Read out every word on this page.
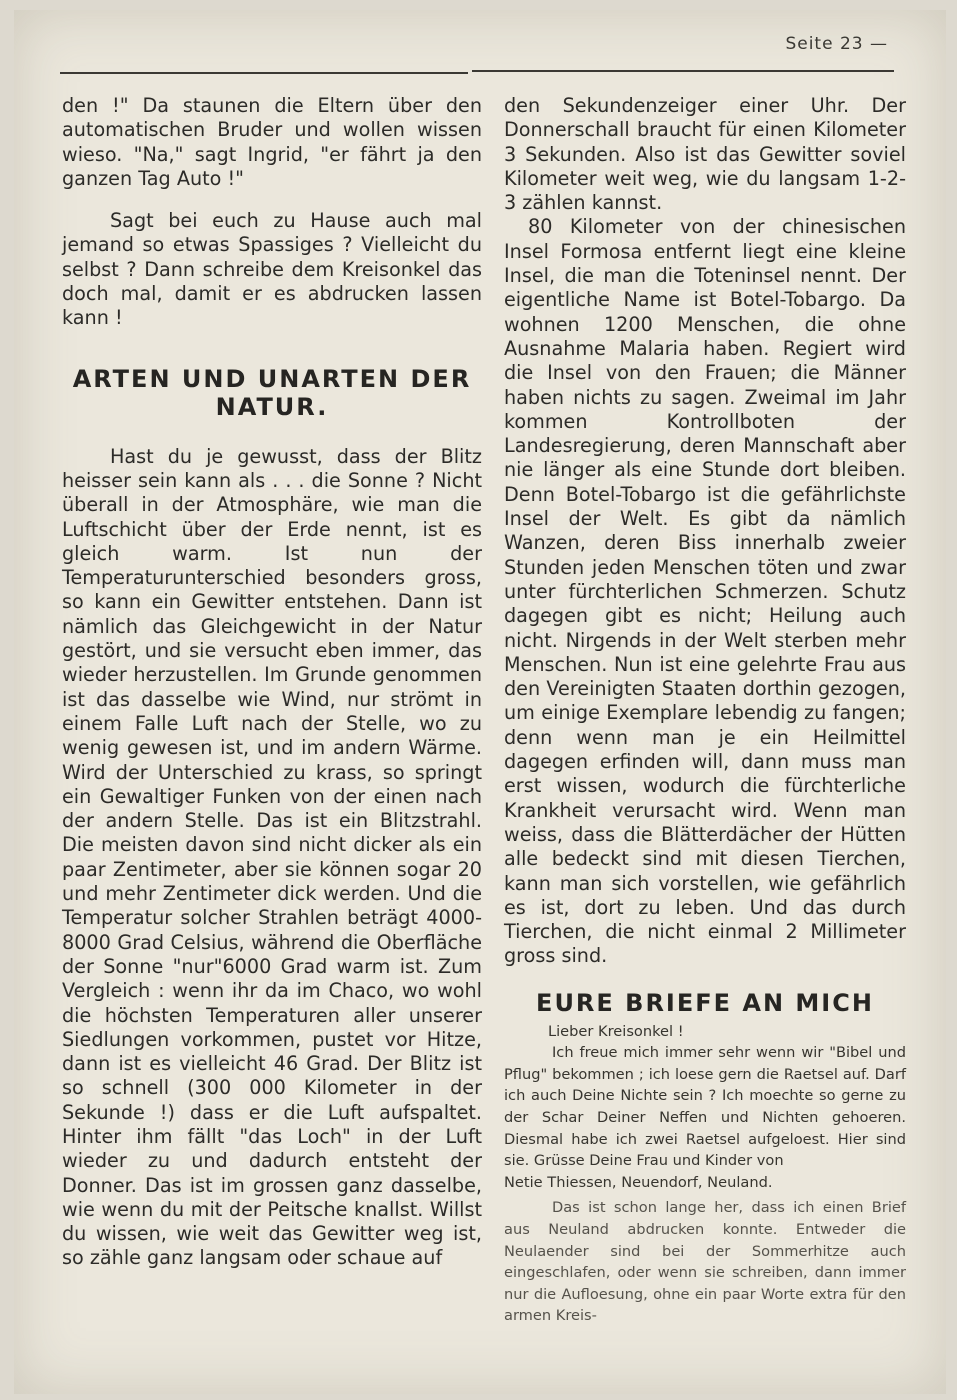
Seite 23 —

den !" Da staunen die Eltern über den automatischen Bruder und wollen wissen wieso. "Na," sagt Ingrid, "er fährt ja den ganzen Tag Auto !"

Sagt bei euch zu Hause auch mal jemand so etwas Spassiges ? Vielleicht du selbst ? Dann schreibe dem Kreisonkel das doch mal, damit er es abdrucken lassen kann !

ARTEN UND UNARTEN DER NATUR.

Hast du je gewusst, dass der Blitz heisser sein kann als . . . die Sonne ? Nicht überall in der Atmosphäre, wie man die Luftschicht über der Erde nennt, ist es gleich warm. Ist nun der Temperaturunterschied besonders gross, so kann ein Gewitter entstehen. Dann ist nämlich das Gleichgewicht in der Natur gestört, und sie versucht eben immer, das wieder herzustellen. Im Grunde genommen ist das dasselbe wie Wind, nur strömt in einem Falle Luft nach der Stelle, wo zu wenig gewesen ist, und im andern Wärme. Wird der Unterschied zu krass, so springt ein Gewaltiger Funken von der einen nach der andern Stelle. Das ist ein Blitzstrahl. Die meisten davon sind nicht dicker als ein paar Zentimeter, aber sie können sogar 20 und mehr Zentimeter dick werden. Und die Temperatur solcher Strahlen beträgt 4000-8000 Grad Celsius, während die Oberfläche der Sonne "nur"6000 Grad warm ist. Zum Vergleich : wenn ihr da im Chaco, wo wohl die höchsten Temperaturen aller unserer Siedlungen vorkommen, pustet vor Hitze, dann ist es vielleicht 46 Grad. Der Blitz ist so schnell (300 000 Kilometer in der Sekunde !) dass er die Luft aufspaltet. Hinter ihm fällt "das Loch" in der Luft wieder zu und dadurch entsteht der Donner. Das ist im grossen ganz dasselbe, wie wenn du mit der Peitsche knallst. Willst du wissen, wie weit das Gewitter weg ist, so zähle ganz langsam oder schaue auf

den Sekundenzeiger einer Uhr. Der Donnerschall braucht für einen Kilometer 3 Sekunden. Also ist das Gewitter soviel Kilometer weit weg, wie du langsam 1-2-3 zählen kannst.

80 Kilometer von der chinesischen Insel Formosa entfernt liegt eine kleine Insel, die man die Toteninsel nennt. Der eigentliche Name ist Botel-Tobargo. Da wohnen 1200 Menschen, die ohne Ausnahme Malaria haben. Regiert wird die Insel von den Frauen; die Männer haben nichts zu sagen. Zweimal im Jahr kommen Kontrollboten der Landesregierung, deren Mannschaft aber nie länger als eine Stunde dort bleiben. Denn Botel-Tobargo ist die gefährlichste Insel der Welt. Es gibt da nämlich Wanzen, deren Biss innerhalb zweier Stunden jeden Menschen töten und zwar unter fürchterlichen Schmerzen. Schutz dagegen gibt es nicht; Heilung auch nicht. Nirgends in der Welt sterben mehr Menschen. Nun ist eine gelehrte Frau aus den Vereinigten Staaten dorthin gezogen, um einige Exemplare lebendig zu fangen; denn wenn man je ein Heilmittel dagegen erfinden will, dann muss man erst wissen, wodurch die fürchterliche Krankheit verursacht wird. Wenn man weiss, dass die Blätterdächer der Hütten alle bedeckt sind mit diesen Tierchen, kann man sich vorstellen, wie gefährlich es ist, dort zu leben. Und das durch Tierchen, die nicht einmal 2 Millimeter gross sind.

EURE BRIEFE AN MICH

Lieber Kreisonkel !

Ich freue mich immer sehr wenn wir "Bibel und Pflug" bekommen ; ich loese gern die Raetsel auf. Darf ich auch Deine Nichte sein ? Ich moechte so gerne zu der Schar Deiner Neffen und Nichten gehoeren. Diesmal habe ich zwei Raetsel aufgeloest. Hier sind sie. Grüsse Deine Frau und Kinder von

Netie Thiessen, Neuendorf, Neuland.

Das ist schon lange her, dass ich einen Brief aus Neuland abdrucken konnte. Entweder die Neulaender sind bei der Sommerhitze auch eingeschlafen, oder wenn sie schreiben, dann immer nur die Aufloesung, ohne ein paar Worte extra für den armen Kreis-
